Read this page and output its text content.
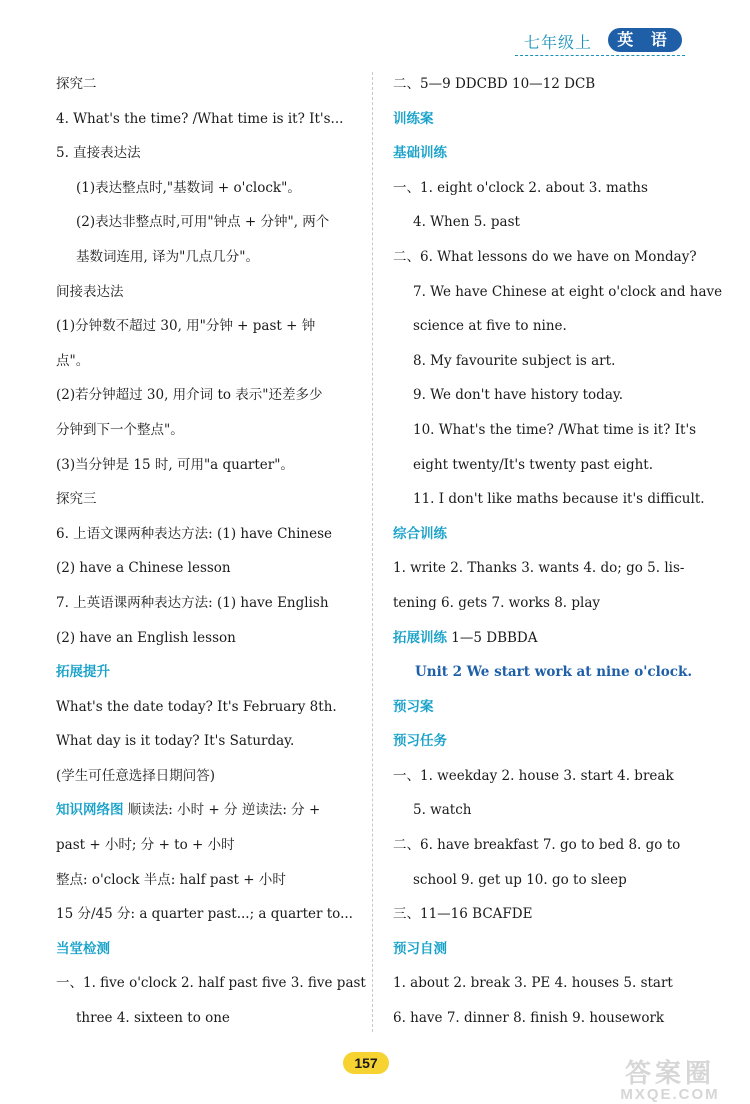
七年级上	英 语
探究二
4. What's the time? /What time is it? It's...
5. 直接表达法
(1)表达整点时,"基数词 + o'clock"。
(2)表达非整点时,可用"钟点 + 分钟", 两个
基数词连用, 译为"几点几分"。
间接表达法
(1)分钟数不超过 30, 用"分钟 + past + 钟
点"。
(2)若分钟超过 30, 用介词 to 表示"还差多少
分钟到下一个整点"。
(3)当分钟是 15 时, 可用"a quarter"。
探究三
6. 上语文课两种表达方法: (1) have Chinese
(2) have a Chinese lesson
7. 上英语课两种表达方法: (1) have English
(2) have an English lesson
拓展提升
What's the date today? It's February 8th.
What day is it today? It's Saturday.
(学生可任意选择日期问答)
知识网络图 顺读法: 小时 + 分 逆读法: 分 +
past + 小时; 分 + to + 小时
整点: o'clock 半点: half past + 小时
15 分/45 分: a quarter past...; a quarter to...
当堂检测
一、1. five o'clock 2. half past five 3. five past
three 4. sixteen to one
二、5—9 DDCBD 10—12 DCB
训练案
基础训练
一、1. eight o'clock 2. about 3. maths
4. When 5. past
二、6. What lessons do we have on Monday?
7. We have Chinese at eight o'clock and have
science at five to nine.
8. My favourite subject is art.
9. We don't have history today.
10. What's the time? /What time is it? It's
eight twenty/It's twenty past eight.
11. I don't like maths because it's difficult.
综合训练
1. write 2. Thanks 3. wants 4. do; go 5. lis-
tening 6. gets 7. works 8. play
拓展训练 1—5 DBBDA
Unit 2 We start work at nine o'clock.
预习案
预习任务
一、1. weekday 2. house 3. start 4. break
5. watch
二、6. have breakfast 7. go to bed 8. go to
school 9. get up 10. go to sleep
三、11—16 BCAFDE
预习自测
1. about 2. break 3. PE 4. houses 5. start
6. have 7. dinner 8. finish 9. housework
157	答案圈
MXQE.COM
